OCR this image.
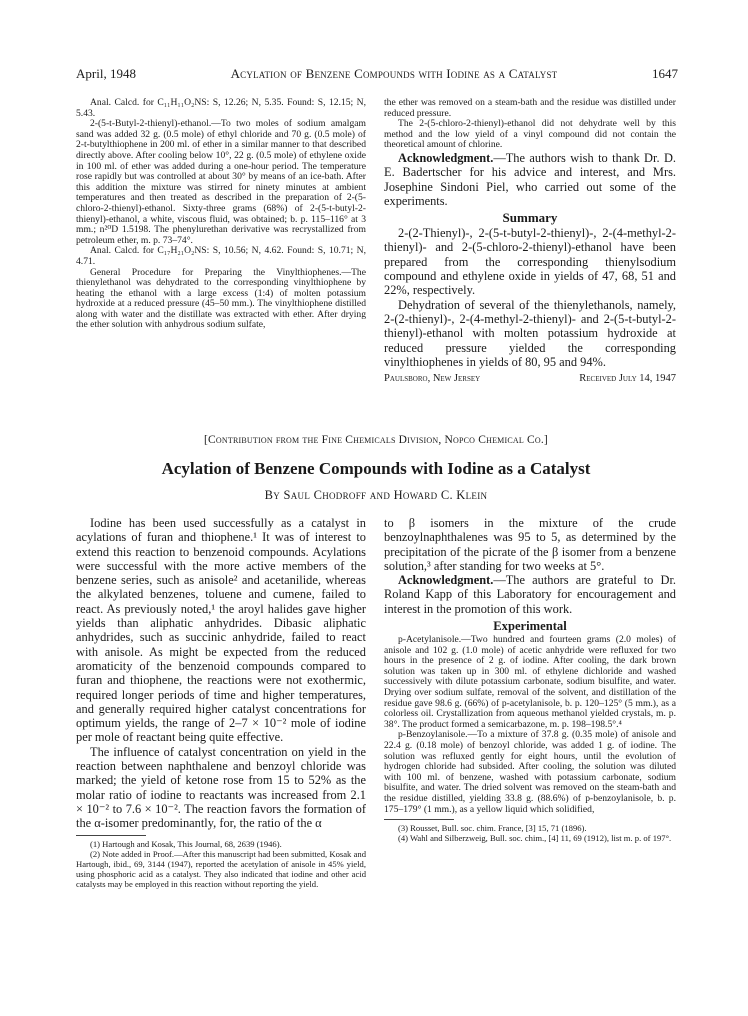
April, 1948	Acylation of Benzene Compounds with Iodine as a Catalyst	1647

Anal. Calcd. for C₁₁H₁₁O₂NS: S, 12.26; N, 5.35. Found: S, 12.15; N, 5.43.

2-(5-t-Butyl-2-thienyl)-ethanol.—To two moles of sodium amalgam sand was added 32 g. (0.5 mole) of ethyl chloride and 70 g. (0.5 mole) of 2-t-butylthiophene in 200 ml. of ether in a similar manner to that described directly above. After cooling below 10°, 22 g. (0.5 mole) of ethylene oxide in 100 ml. of ether was added during a one-hour period. The temperature rose rapidly but was controlled at about 30° by means of an ice-bath. After this addition the mixture was stirred for ninety minutes at ambient temperatures and then treated as described in the preparation of 2-(5-chloro-2-thienyl)-ethanol. Sixty-three grams (68%) of 2-(5-t-butyl-2-thienyl)-ethanol, a white, viscous fluid, was obtained; b. p. 115–116° at 3 mm.; n²⁰D 1.5198. The phenylurethan derivative was recrystallized from petroleum ether, m. p. 73–74°.

Anal. Calcd. for C₁₇H₂₁O₂NS: S, 10.56; N, 4.62. Found: S, 10.71; N, 4.71.

General Procedure for Preparing the Vinylthiophenes.—The thienylethanol was dehydrated to the corresponding vinylthiophene by heating the ethanol with a large excess (1:4) of molten potassium hydroxide at a reduced pressure (45–50 mm.). The vinylthiophene distilled along with water and the distillate was extracted with ether. After drying the ether solution with anhydrous sodium sulfate,

the ether was removed on a steam-bath and the residue was distilled under reduced pressure.

The 2-(5-chloro-2-thienyl)-ethanol did not dehydrate well by this method and the low yield of a vinyl compound did not contain the theoretical amount of chlorine.

Acknowledgment.—The authors wish to thank Dr. D. E. Badertscher for his advice and interest, and Mrs. Josephine Sindoni Piel, who carried out some of the experiments.

Summary

2-(2-Thienyl)-, 2-(5-t-butyl-2-thienyl)-, 2-(4-methyl-2-thienyl)- and 2-(5-chloro-2-thienyl)-ethanol have been prepared from the corresponding thienylsodium compound and ethylene oxide in yields of 47, 68, 51 and 22%, respectively.

Dehydration of several of the thienylethanols, namely, 2-(2-thienyl)-, 2-(4-methyl-2-thienyl)- and 2-(5-t-butyl-2-thienyl)-ethanol with molten potassium hydroxide at reduced pressure yielded the corresponding vinylthiophenes in yields of 80, 95 and 94%.

Paulsboro, New Jersey	Received July 14, 1947
[Contribution from the Fine Chemicals Division, Nopco Chemical Co.]
Acylation of Benzene Compounds with Iodine as a Catalyst
By Saul Chodroff and Howard C. Klein

Iodine has been used successfully as a catalyst in acylations of furan and thiophene.¹ It was of interest to extend this reaction to benzenoid compounds. Acylations were successful with the more active members of the benzene series, such as anisole² and acetanilide, whereas the alkylated benzenes, toluene and cumene, failed to react. As previously noted,¹ the aroyl halides gave higher yields than aliphatic anhydrides. Dibasic aliphatic anhydrides, such as succinic anhydride, failed to react with anisole. As might be expected from the reduced aromaticity of the benzenoid compounds compared to furan and thiophene, the reactions were not exothermic, required longer periods of time and higher temperatures, and generally required higher catalyst concentrations for optimum yields, the range of 2–7 × 10⁻² mole of iodine per mole of reactant being quite effective.

The influence of catalyst concentration on yield in the reaction between naphthalene and benzoyl chloride was marked; the yield of ketone rose from 15 to 52% as the molar ratio of iodine to reactants was increased from 2.1 × 10⁻² to 7.6 × 10⁻². The reaction favors the formation of the α-isomer predominantly, for, the ratio of the α

(1) Hartough and Kosak, This Journal, 68, 2639 (1946).

(2) Note added in Proof.—After this manuscript had been submitted, Kosak and Hartough, ibid., 69, 3144 (1947), reported the acetylation of anisole in 45% yield, using phosphoric acid as a catalyst. They also indicated that iodine and other acid catalysts may be employed in this reaction without reporting the yield.

to β isomers in the mixture of the crude benzoylnaphthalenes was 95 to 5, as determined by the precipitation of the picrate of the β isomer from a benzene solution,³ after standing for two weeks at 5°.

Acknowledgment.—The authors are grateful to Dr. Roland Kapp of this Laboratory for encouragement and interest in the promotion of this work.

Experimental

p-Acetylanisole.—Two hundred and fourteen grams (2.0 moles) of anisole and 102 g. (1.0 mole) of acetic anhydride were refluxed for two hours in the presence of 2 g. of iodine. After cooling, the dark brown solution was taken up in 300 ml. of ethylene dichloride and washed successively with dilute potassium carbonate, sodium bisulfite, and water. Drying over sodium sulfate, removal of the solvent, and distillation of the residue gave 98.6 g. (66%) of p-acetylanisole, b. p. 120–125° (5 mm.), as a colorless oil. Crystallization from aqueous methanol yielded crystals, m. p. 38°. The product formed a semicarbazone, m. p. 198–198.5°.⁴

p-Benzoylanisole.—To a mixture of 37.8 g. (0.35 mole) of anisole and 22.4 g. (0.18 mole) of benzoyl chloride, was added 1 g. of iodine. The solution was refluxed gently for eight hours, until the evolution of hydrogen chloride had subsided. After cooling, the solution was diluted with 100 ml. of benzene, washed with potassium carbonate, sodium bisulfite, and water. The dried solvent was removed on the steam-bath and the residue distilled, yielding 33.8 g. (88.6%) of p-benzoylanisole, b. p. 175–179° (1 mm.), as a yellow liquid which solidified,

(3) Rousset, Bull. soc. chim. France, [3] 15, 71 (1896).

(4) Wahl and Silberzweig, Bull. soc. chim., [4] 11, 69 (1912), list m. p. of 197°.
